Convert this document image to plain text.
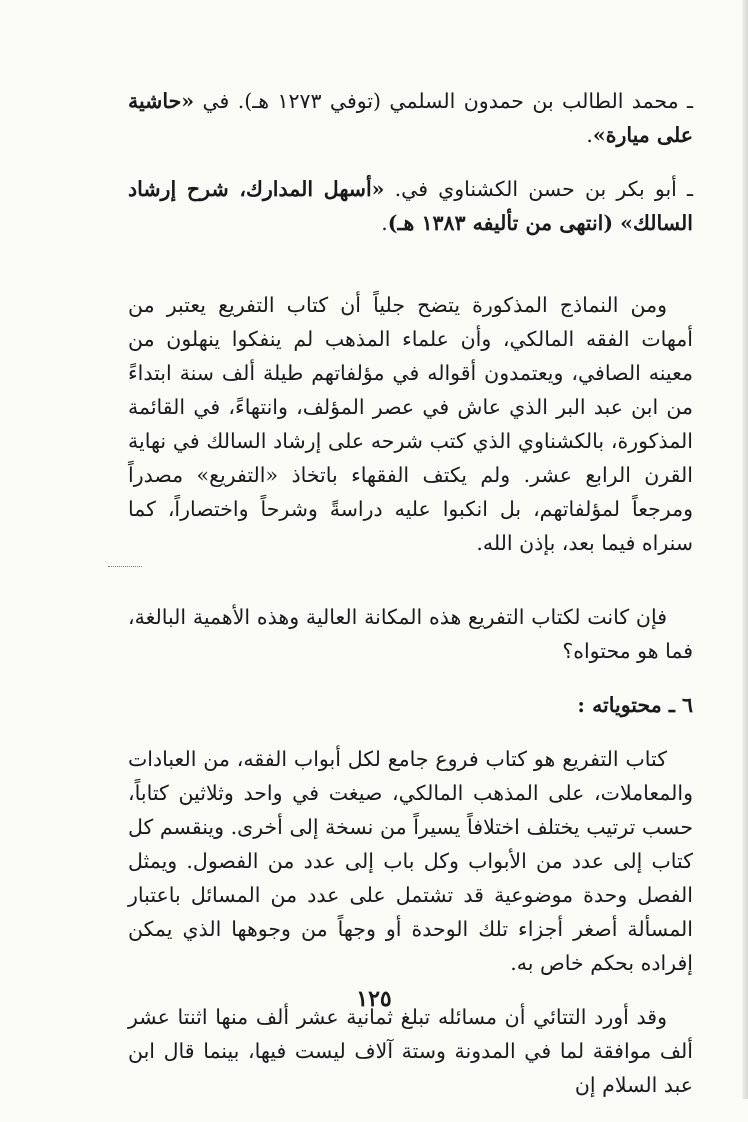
ـ محمد الطالب بن حمدون السلمي (توفي ١٢٧٣ هـ). في «حاشية على ميارة».

ـ أبو بكر بن حسن الكشناوي في. «أسهل المدارك، شرح إرشاد السالك» (انتهى من تأليفه ١٣٨٣ هـ).

ومن النماذج المذكورة يتضح جلياً أن كتاب التفريع يعتبر من أمهات الفقه المالكي، وأن علماء المذهب لم ينفكوا ينهلون من معينه الصافي، ويعتمدون أقواله في مؤلفاتهم طيلة ألف سنة ابتداءً من ابن عبد البر الذي عاش في عصر المؤلف، وانتهاءً، في القائمة المذكورة، بالكشناوي الذي كتب شرحه على إرشاد السالك في نهاية القرن الرابع عشر. ولم يكتف الفقهاء باتخاذ «التفريع» مصدراً ومرجعاً لمؤلفاتهم، بل انكبوا عليه دراسةً وشرحاً واختصاراً، كما سنراه فيما بعد، بإذن الله.

فإن كانت لكتاب التفريع هذه المكانة العالية وهذه الأهمية البالغة، فما هو محتواه؟

٦ ـ محتوياته :

كتاب التفريع هو كتاب فروع جامع لكل أبواب الفقه، من العبادات والمعاملات، على المذهب المالكي، صيغت في واحد وثلاثين كتاباً، حسب ترتيب يختلف اختلافاً يسيراً من نسخة إلى أخرى. وينقسم كل كتاب إلى عدد من الأبواب وكل باب إلى عدد من الفصول. ويمثل الفصل وحدة موضوعية قد تشتمل على عدد من المسائل باعتبار المسألة أصغر أجزاء تلك الوحدة أو وجهاً من وجوهها الذي يمكن إفراده بحكم خاص به.

وقد أورد التتائي أن مسائله تبلغ ثمانية عشر ألف منها اثنتا عشر ألف موافقة لما في المدونة وستة آلاف ليست فيها، بينما قال ابن عبد السلام إن

١٢٥
